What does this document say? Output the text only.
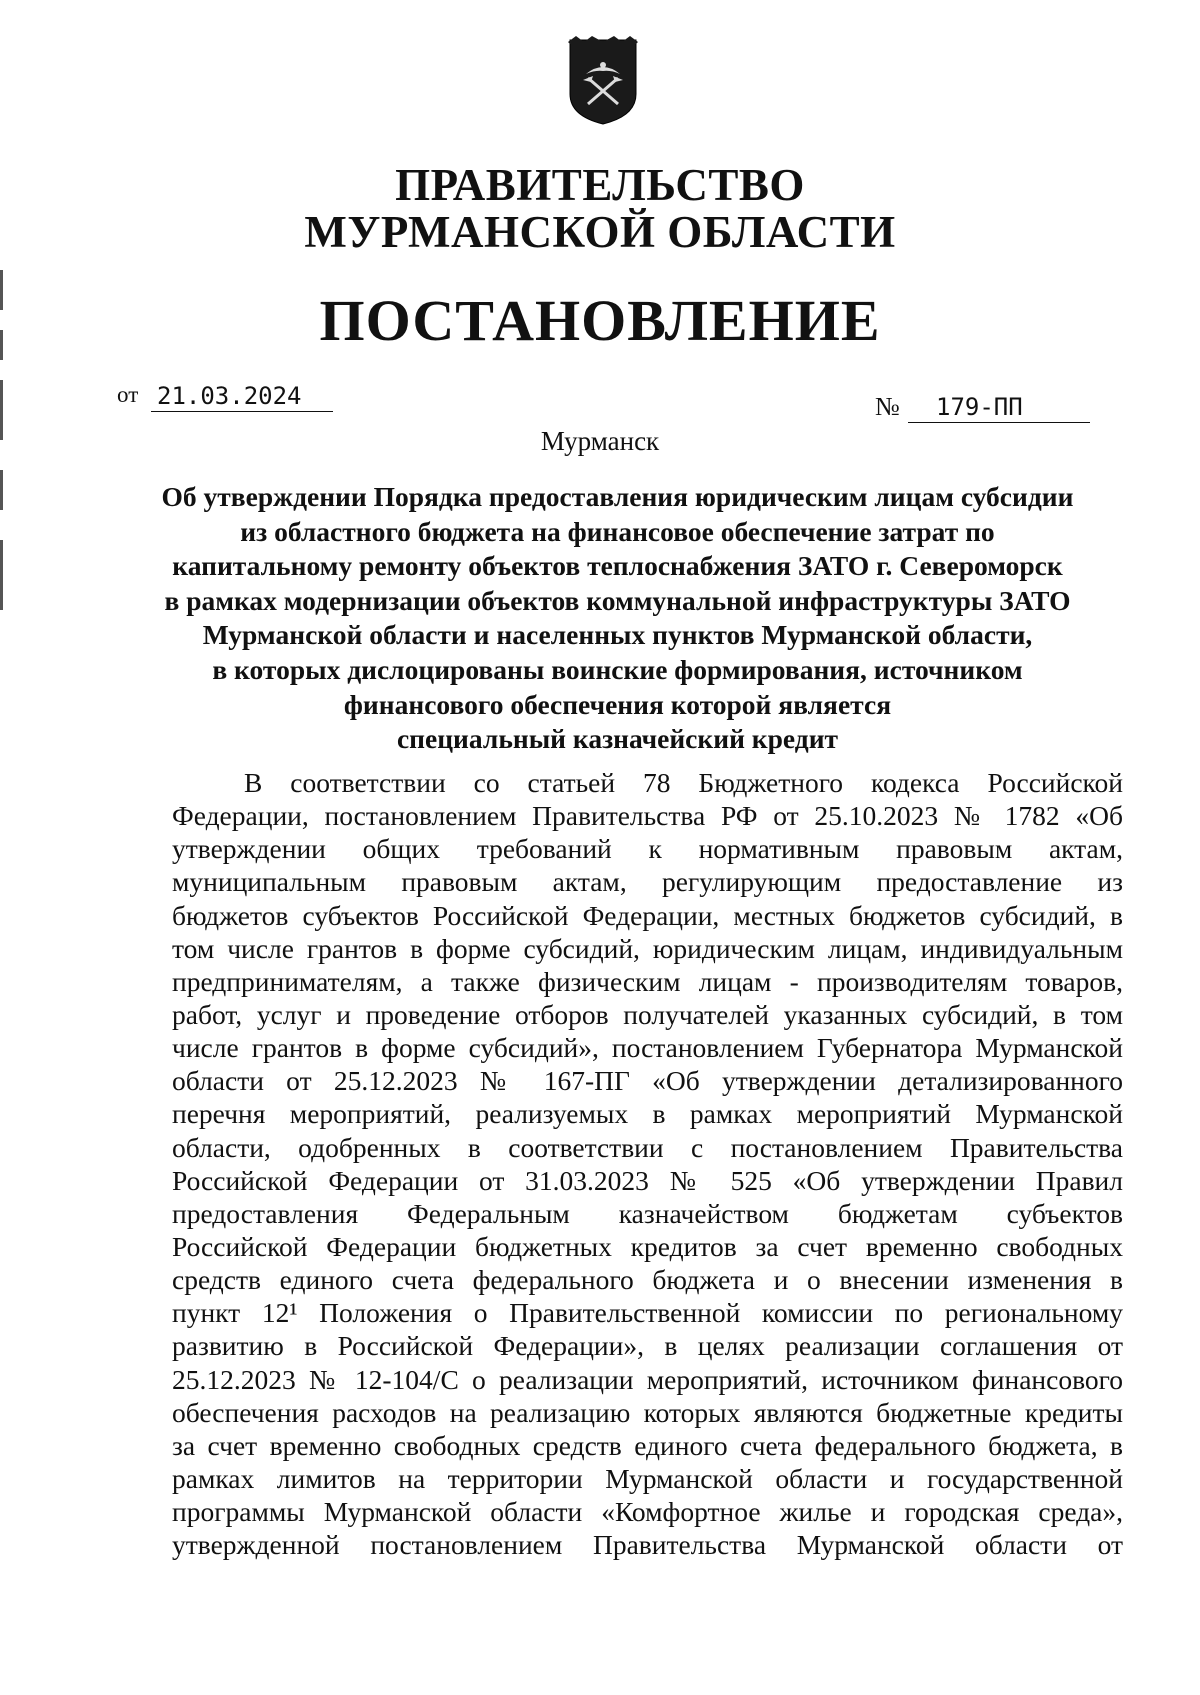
ПРАВИТЕЛЬСТВО
МУРМАНСКОЙ ОБЛАСТИ
ПОСТАНОВЛЕНИЕ
от 21.03.2024	№	179-ПП
Мурманск
Об утверждении Порядка предоставления юридическим лицам субсидии
из областного бюджета на финансовое обеспечение затрат по
капитальному ремонту объектов теплоснабжения ЗАТО г. Североморск
в рамках модернизации объектов коммунальной инфраструктуры ЗАТО
Мурманской области и населенных пунктов Мурманской области,
в которых дислоцированы воинские формирования, источником
финансового обеспечения которой является
специальный казначейский кредит
В соответствии со статьей 78 Бюджетного кодекса Российской
Федерации, постановлением Правительства РФ от 25.10.2023 № 1782 «Об
утверждении общих требований к нормативным правовым актам,
муниципальным правовым актам, регулирующим предоставление из
бюджетов субъектов Российской Федерации, местных бюджетов субсидий, в
том числе грантов в форме субсидий, юридическим лицам, индивидуальным
предпринимателям, а также физическим лицам - производителям товаров,
работ, услуг и проведение отборов получателей указанных субсидий, в том
числе грантов в форме субсидий», постановлением Губернатора Мурманской
области от 25.12.2023 № 167-ПГ «Об утверждении детализированного
перечня мероприятий, реализуемых в рамках мероприятий Мурманской
области, одобренных в соответствии с постановлением Правительства
Российской Федерации от 31.03.2023 № 525 «Об утверждении Правил
предоставления Федеральным казначейством бюджетам субъектов
Российской Федерации бюджетных кредитов за счет временно свободных
средств единого счета федерального бюджета и о внесении изменения в
пункт 12¹ Положения о Правительственной комиссии по региональному
развитию в Российской Федерации», в целях реализации соглашения от
25.12.2023 № 12-104/С о реализации мероприятий, источником финансового
обеспечения расходов на реализацию которых являются бюджетные кредиты
за счет временно свободных средств единого счета федерального бюджета, в
рамках лимитов на территории Мурманской области и государственной
программы Мурманской области «Комфортное жилье и городская среда»,
утвержденной постановлением Правительства Мурманской области от
